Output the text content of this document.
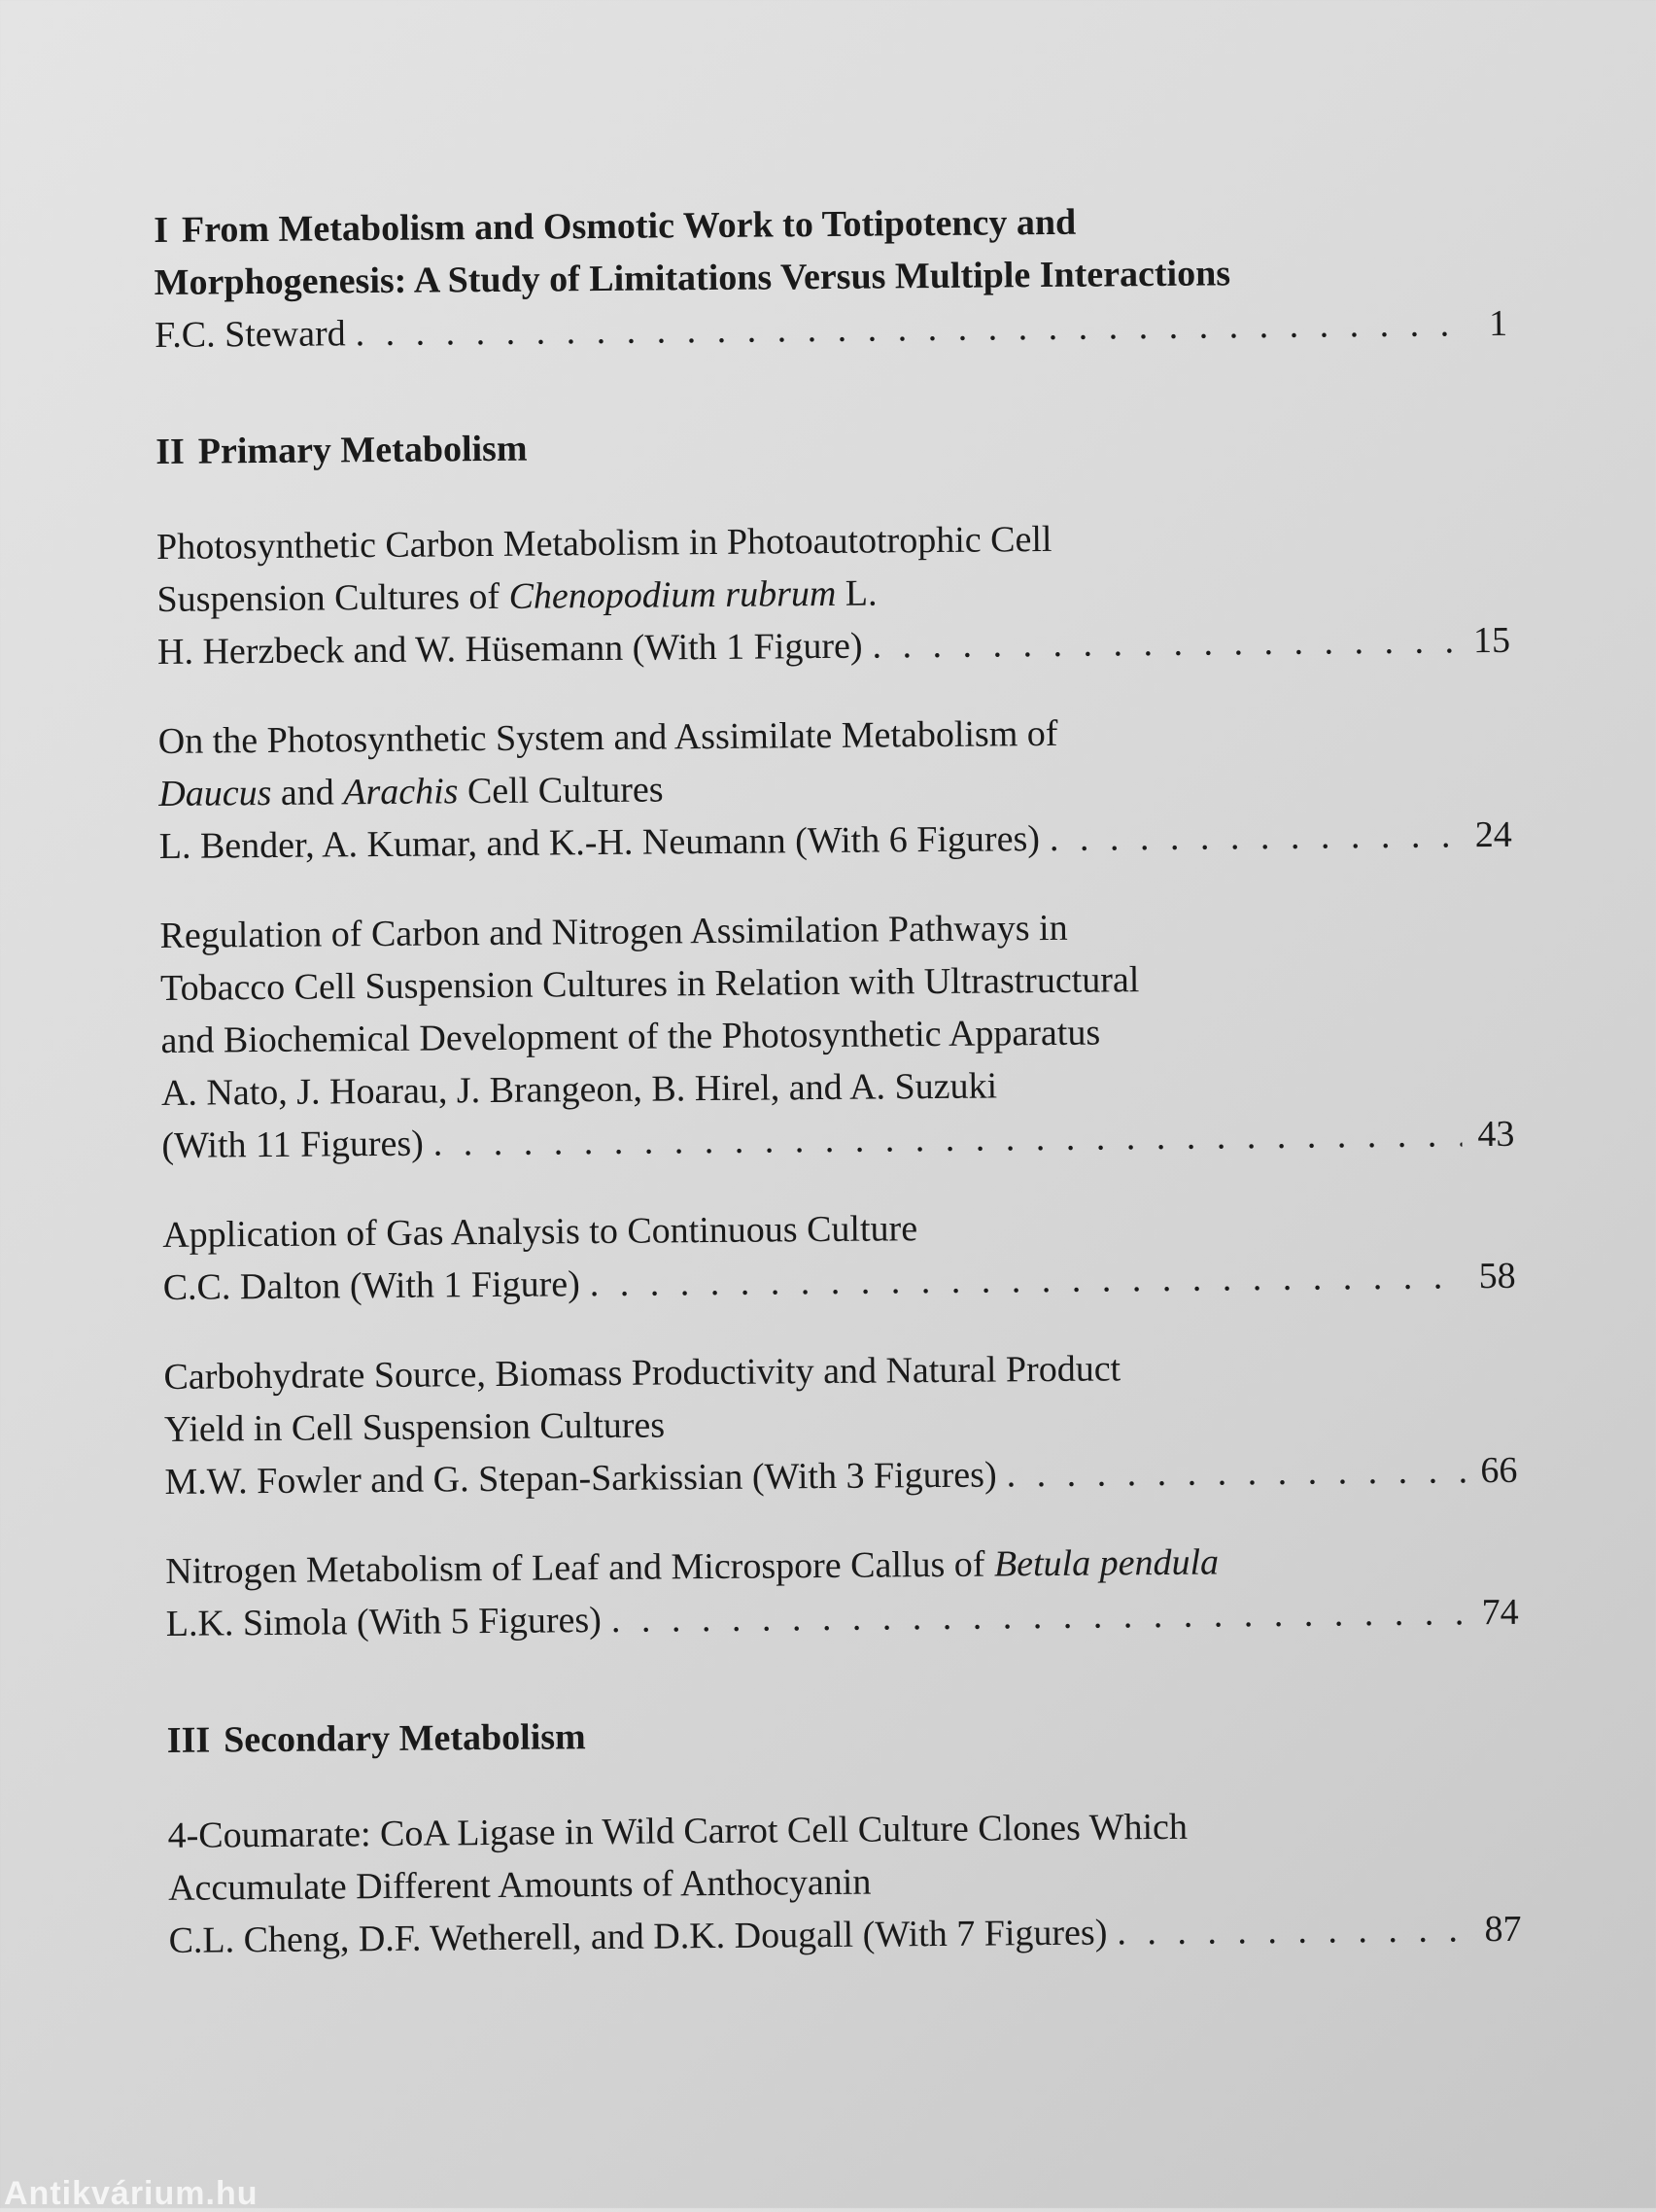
I From Metabolism and Osmotic Work to Totipotency and
Morphogenesis: A Study of Limitations Versus Multiple Interactions
F.C. Steward . . .	1
II Primary Metabolism
Photosynthetic Carbon Metabolism in Photoautotrophic Cell
Suspension Cultures of Chenopodium rubrum L.
H. Herzbeck and W. Hüsemann (With 1 Figure) . . .	15
On the Photosynthetic System and Assimilate Metabolism of
Daucus and Arachis Cell Cultures
L. Bender, A. Kumar, and K.-H. Neumann (With 6 Figures) . . .	24
Regulation of Carbon and Nitrogen Assimilation Pathways in
Tobacco Cell Suspension Cultures in Relation with Ultrastructural
and Biochemical Development of the Photosynthetic Apparatus
A. Nato, J. Hoarau, J. Brangeon, B. Hirel, and A. Suzuki
(With 11 Figures) . . .	43
Application of Gas Analysis to Continuous Culture
C.C. Dalton (With 1 Figure) . . .	58
Carbohydrate Source, Biomass Productivity and Natural Product
Yield in Cell Suspension Cultures
M.W. Fowler and G. Stepan-Sarkissian (With 3 Figures) . . .	66
Nitrogen Metabolism of Leaf and Microspore Callus of Betula pendula
L.K. Simola (With 5 Figures) . . .	74
III Secondary Metabolism
4-Coumarate: CoA Ligase in Wild Carrot Cell Culture Clones Which
Accumulate Different Amounts of Anthocyanin
C.L. Cheng, D.F. Wetherell, and D.K. Dougall (With 7 Figures) . . .	87
Antikvárium.hu
